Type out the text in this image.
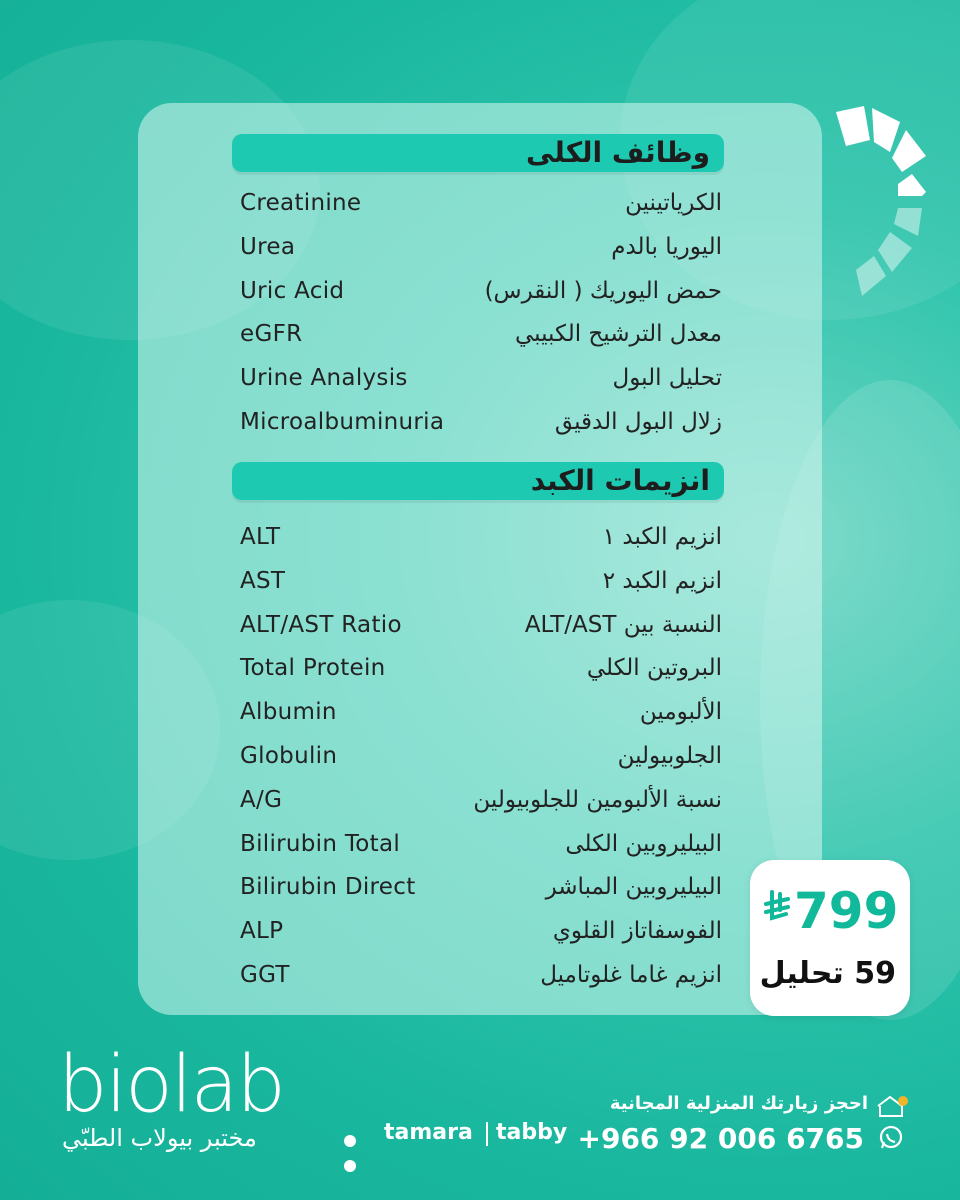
وظائف الكلى
Creatinine	الكرياتينين
Urea	اليوريا بالدم
Uric Acid	حمض اليوريك ( النقرس)
eGFR	معدل الترشيح الكبيبي
Urine Analysis	تحليل البول
Microalbuminuria	زلال البول الدقيق
انزيمات الكبد
ALT	انزيم الكبد ١
AST	انزيم الكبد ٢
ALT/AST Ratio	النسبة بين ALT/AST
Total Protein	البروتين الكلي
Albumin	الألبومين
Globulin	الجلوبيولين
A/G	نسبة الألبومين للجلوبيولين
Bilirubin Total	البيليروبين الكلى
Bilirubin Direct	البيليروبين المباشر
ALP	الفوسفاتاز القلوي
GGT	انزيم غاما غلوتاميل
799
59 تحليل
biolab
مختبر بيولاب الطبّي	tamara tabby
احجز زيارتك المنزلية المجانية
+966 92 006 6765
